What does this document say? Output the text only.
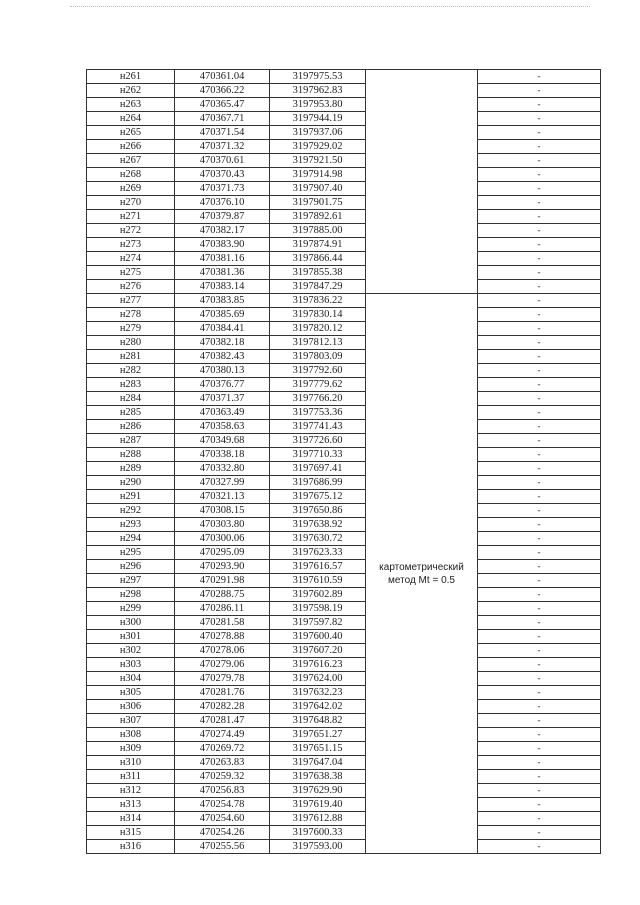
н261	470361.04	3197975.53		-
н262	470366.22	3197962.83		-
н263	470365.47	3197953.80		-
н264	470367.71	3197944.19		-
н265	470371.54	3197937.06		-
н266	470371.32	3197929.02		-
н267	470370.61	3197921.50		-
н268	470370.43	3197914.98		-
н269	470371.73	3197907.40		-
н270	470376.10	3197901.75		-
н271	470379.87	3197892.61		-
н272	470382.17	3197885.00		-
н273	470383.90	3197874.91		-
н274	470381.16	3197866.44		-
н275	470381.36	3197855.38		-
н276	470383.14	3197847.29		-
н277	470383.85	3197836.22	картометрический метод Mt = 0.5	-
н278	470385.69	3197830.14		-
н279	470384.41	3197820.12		-
н280	470382.18	3197812.13		-
н281	470382.43	3197803.09		-
н282	470380.13	3197792.60		-
н283	470376.77	3197779.62		-
н284	470371.37	3197766.20		-
н285	470363.49	3197753.36		-
н286	470358.63	3197741.43		-
н287	470349.68	3197726.60		-
н288	470338.18	3197710.33		-
н289	470332.80	3197697.41		-
н290	470327.99	3197686.99		-
н291	470321.13	3197675.12		-
н292	470308.15	3197650.86		-
н293	470303.80	3197638.92		-
н294	470300.06	3197630.72		-
н295	470295.09	3197623.33		-
н296	470293.90	3197616.57		-
н297	470291.98	3197610.59		-
н298	470288.75	3197602.89		-
н299	470286.11	3197598.19		-
н300	470281.58	3197597.82		-
н301	470278.88	3197600.40		-
н302	470278.06	3197607.20		-
н303	470279.06	3197616.23		-
н304	470279.78	3197624.00		-
н305	470281.76	3197632.23		-
н306	470282.28	3197642.02		-
н307	470281.47	3197648.82		-
н308	470274.49	3197651.27		-
н309	470269.72	3197651.15		-
н310	470263.83	3197647.04		-
н311	470259.32	3197638.38		-
н312	470256.83	3197629.90		-
н313	470254.78	3197619.40		-
н314	470254.60	3197612.88		-
н315	470254.26	3197600.33		-
н316	470255.56	3197593.00		-
